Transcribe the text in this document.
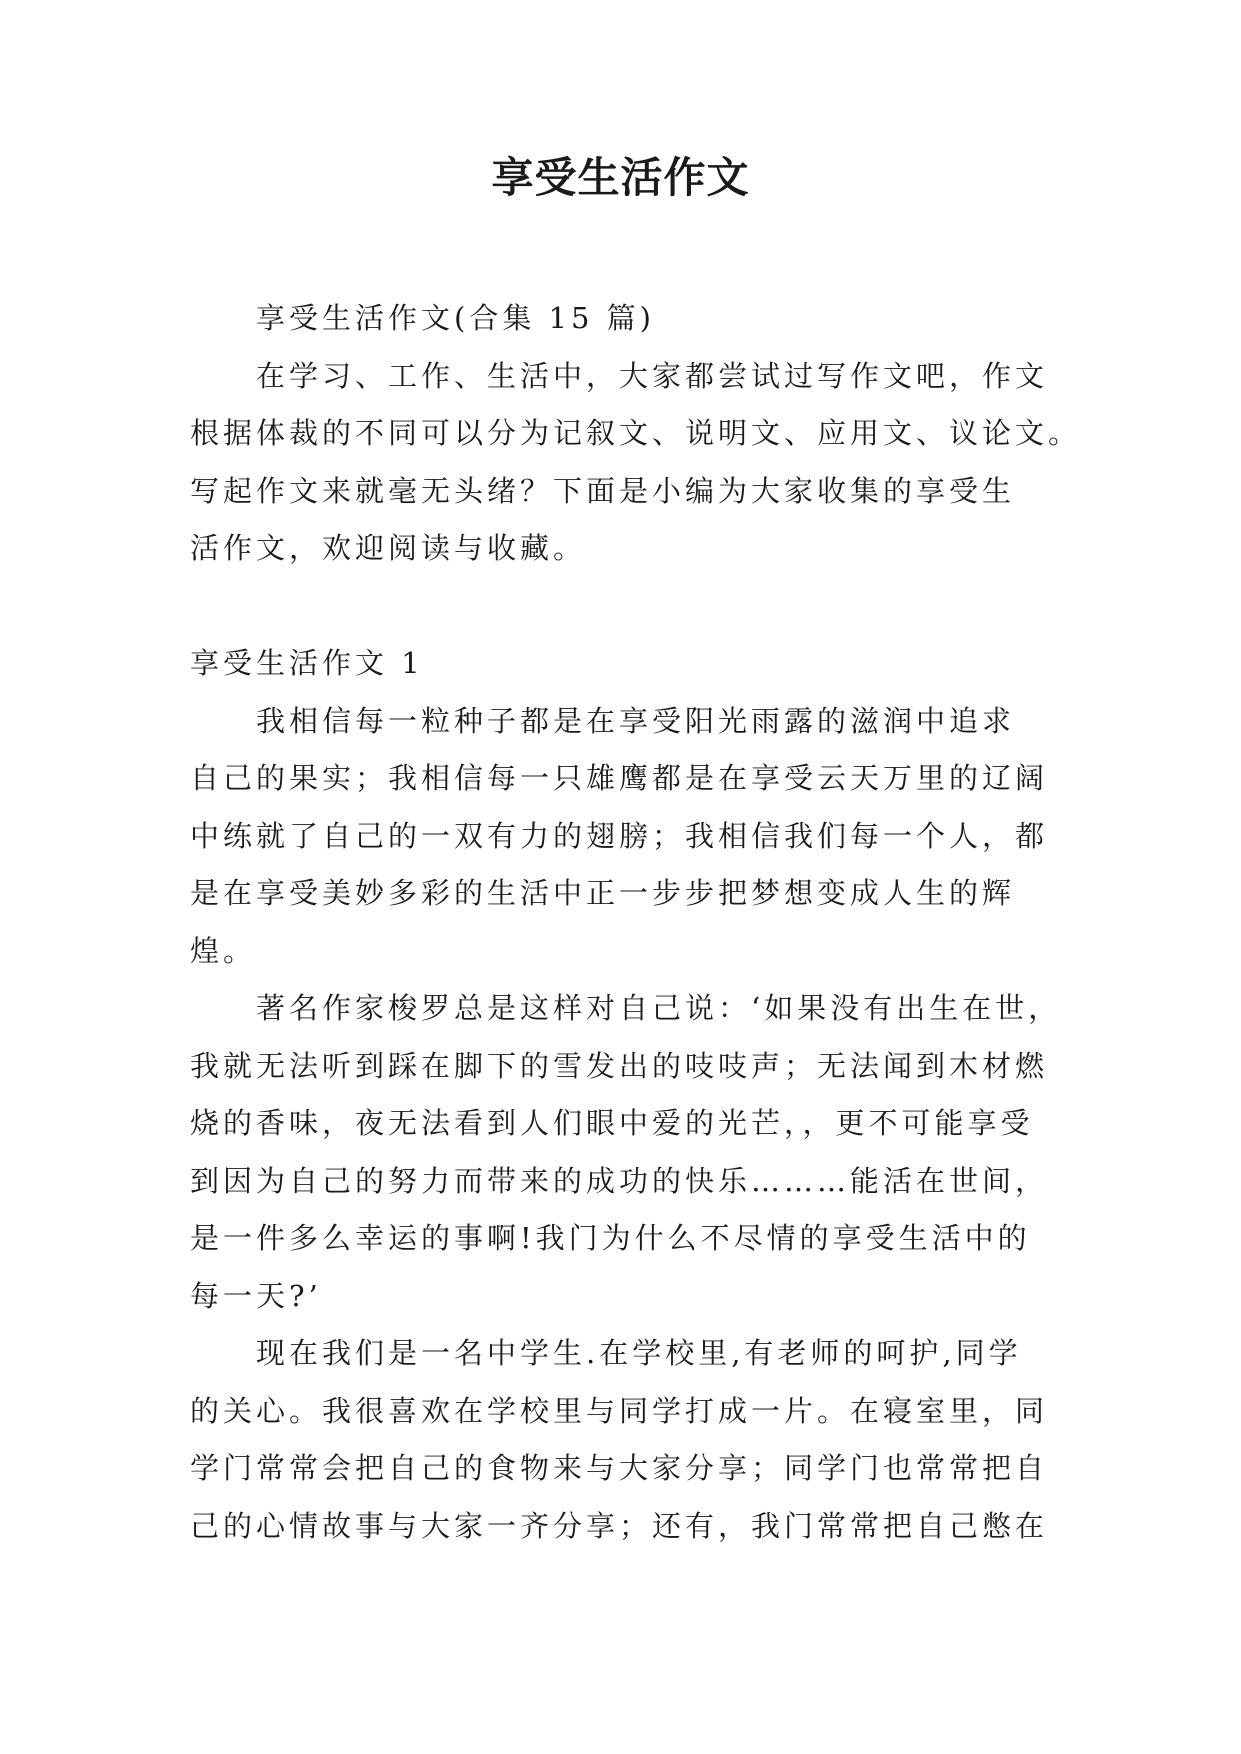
享受生活作文
享受生活作文(合集 15 篇)
在学习、工作、生活中，大家都尝试过写作文吧，作文
根据体裁的不同可以分为记叙文、说明文、应用文、议论文。
写起作文来就毫无头绪？下面是小编为大家收集的享受生
活作文，欢迎阅读与收藏。
享受生活作文 1
我相信每一粒种子都是在享受阳光雨露的滋润中追求
自己的果实；我相信每一只雄鹰都是在享受云天万里的辽阔
中练就了自己的一双有力的翅膀；我相信我们每一个人，都
是在享受美妙多彩的生活中正一步步把梦想变成人生的辉
煌。
著名作家梭罗总是这样对自己说：‘如果没有出生在世，
我就无法听到踩在脚下的雪发出的吱吱声；无法闻到木材燃
烧的香味，夜无法看到人们眼中爱的光芒，，更不可能享受
到因为自己的努力而带来的成功的快乐………能活在世间，
是一件多么幸运的事啊!我门为什么不尽情的享受生活中的
每一天?’
现在我们是一名中学生.在学校里,有老师的呵护,同学
的关心。我很喜欢在学校里与同学打成一片。在寝室里，同
学门常常会把自己的食物来与大家分享；同学门也常常把自
己的心情故事与大家一齐分享；还有，我门常常把自己憋在
